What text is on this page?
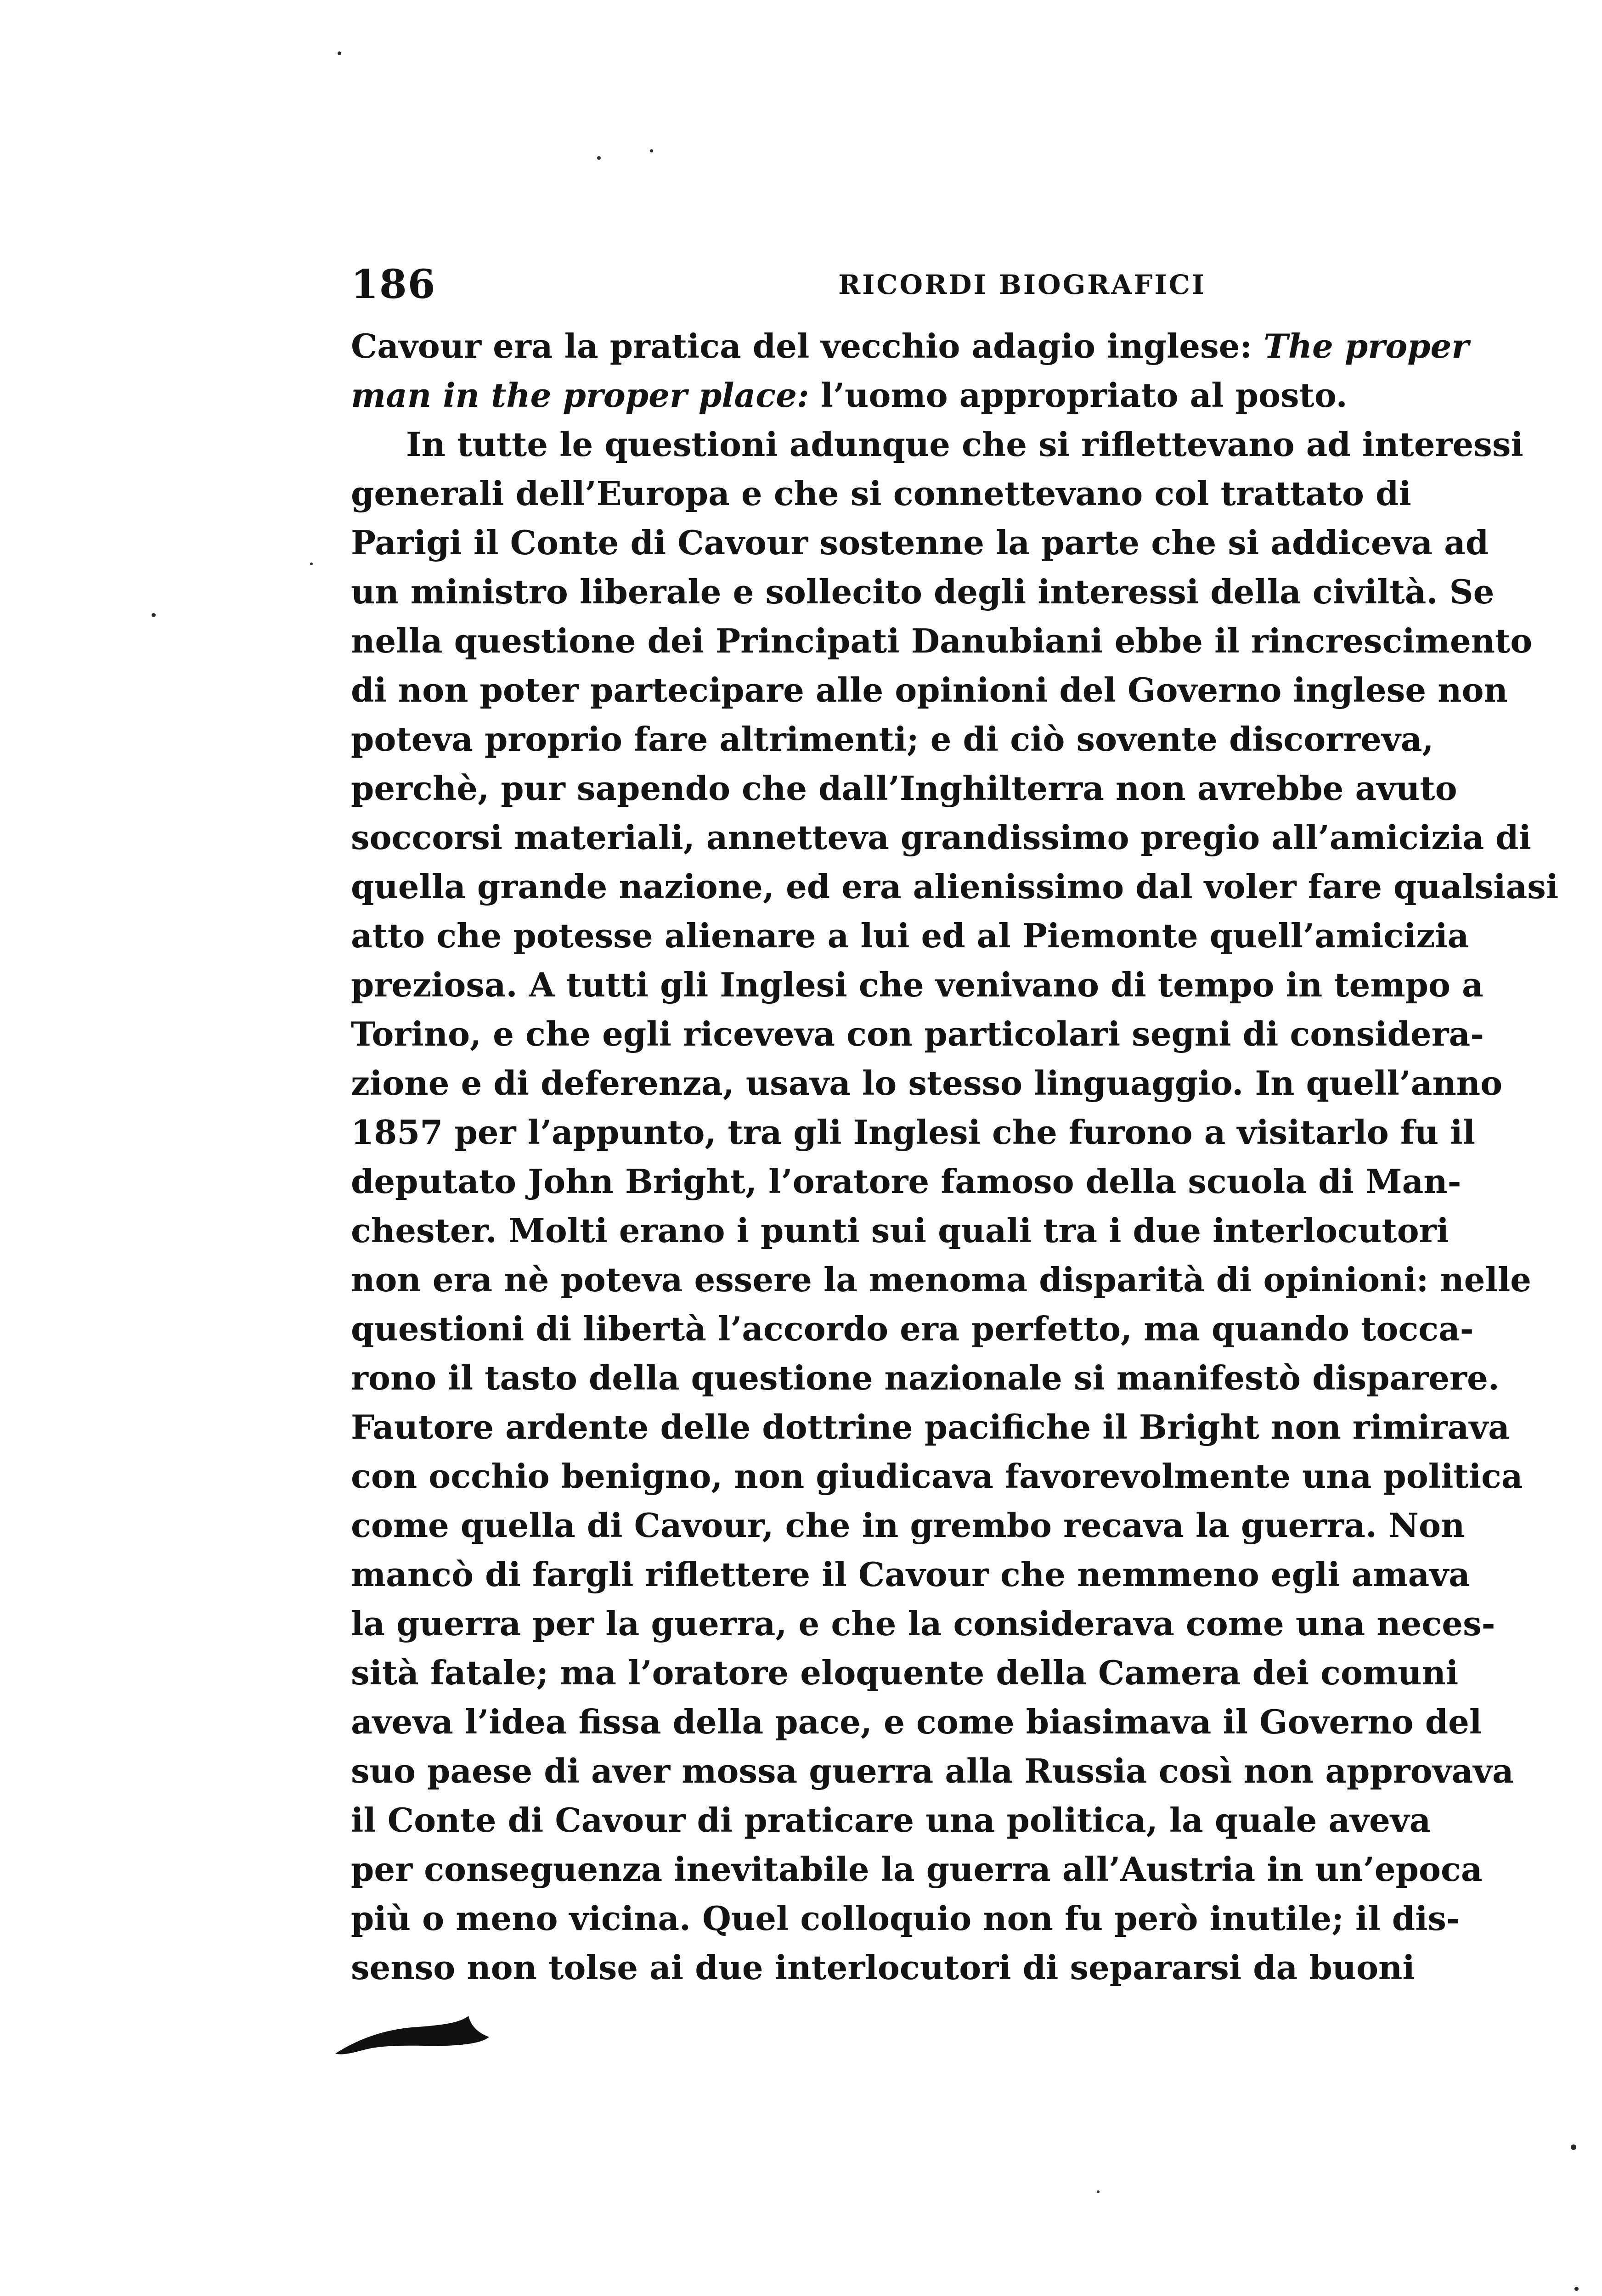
186	RICORDI BIOGRAFICI
Cavour era la pratica del vecchio adagio inglese: The proper
man in the proper place: l’uomo appropriato al posto.
In tutte le questioni adunque che si riflettevano ad interessi
generali dell’Europa e che si connettevano col trattato di
Parigi il Conte di Cavour sostenne la parte che si addiceva ad
un ministro liberale e sollecito degli interessi della civiltà. Se
nella questione dei Principati Danubiani ebbe il rincrescimento
di non poter partecipare alle opinioni del Governo inglese non
poteva proprio fare altrimenti; e di ciò sovente discorreva,
perchè, pur sapendo che dall’Inghilterra non avrebbe avuto
soccorsi materiali, annetteva grandissimo pregio all’amicizia di
quella grande nazione, ed era alienissimo dal voler fare qualsiasi
atto che potesse alienare a lui ed al Piemonte quell’amicizia
preziosa. A tutti gli Inglesi che venivano di tempo in tempo a
Torino, e che egli riceveva con particolari segni di considera-
zione e di deferenza, usava lo stesso linguaggio. In quell’anno
1857 per l’appunto, tra gli Inglesi che furono a visitarlo fu il
deputato John Bright, l’oratore famoso della scuola di Man-
chester. Molti erano i punti sui quali tra i due interlocutori
non era nè poteva essere la menoma disparità di opinioni: nelle
questioni di libertà l’accordo era perfetto, ma quando tocca-
rono il tasto della questione nazionale si manifestò disparere.
Fautore ardente delle dottrine pacifiche il Bright non rimirava
con occhio benigno, non giudicava favorevolmente una politica
come quella di Cavour, che in grembo recava la guerra. Non
mancò di fargli riflettere il Cavour che nemmeno egli amava
la guerra per la guerra, e che la considerava come una neces-
sità fatale; ma l’oratore eloquente della Camera dei comuni
aveva l’idea fissa della pace, e come biasimava il Governo del
suo paese di aver mossa guerra alla Russia così non approvava
il Conte di Cavour di praticare una politica, la quale aveva
per conseguenza inevitabile la guerra all’Austria in un’epoca
più o meno vicina. Quel colloquio non fu però inutile; il dis-
senso non tolse ai due interlocutori di separarsi da buoni
